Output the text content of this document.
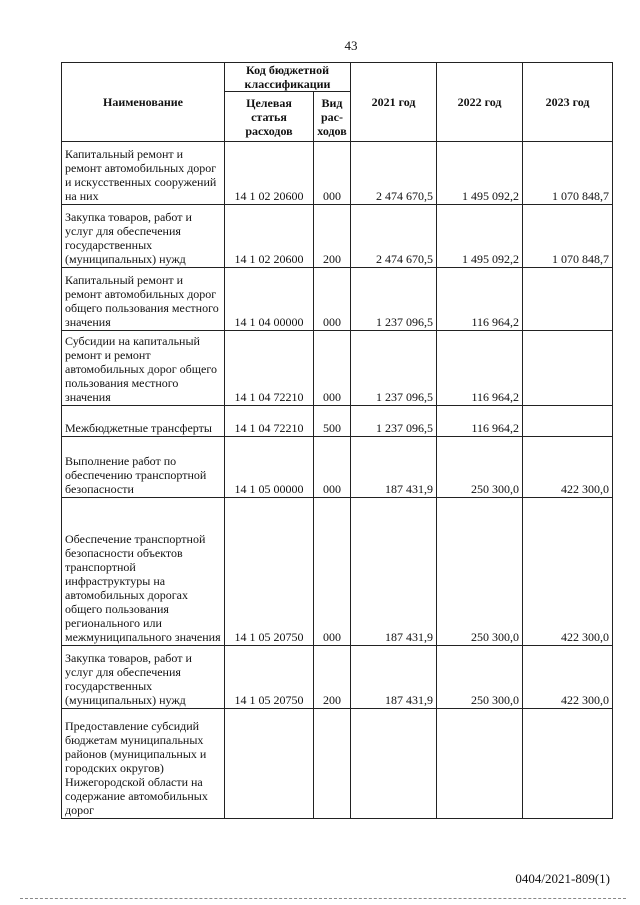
43
Наименование	Код бюджетной классификации		2021 год	2022 год	2023 год
	Целевая статья расходов	Вид рас-ходов			
Капитальный ремонт и ремонт автомобильных дорог и искусственных сооружений на них	14 1 02 20600	000	2 474 670,5	1 495 092,2	1 070 848,7
Закупка товаров, работ и услуг для обеспечения государственных (муниципальных) нужд	14 1 02 20600	200	2 474 670,5	1 495 092,2	1 070 848,7
Капитальный ремонт и ремонт автомобильных дорог общего пользования местного значения	14 1 04 00000	000	1 237 096,5	116 964,2	
Субсидии на капитальный ремонт и ремонт автомобильных дорог общего пользования местного значения	14 1 04 72210	000	1 237 096,5	116 964,2	
Межбюджетные трансферты	14 1 04 72210	500	1 237 096,5	116 964,2	
Выполнение работ по обеспечению транспортной безопасности	14 1 05 00000	000	187 431,9	250 300,0	422 300,0
Обеспечение транспортной безопасности объектов транспортной инфраструктуры на автомобильных дорогах общего пользования регионального или межмуниципального значения	14 1 05 20750	000	187 431,9	250 300,0	422 300,0
Закупка товаров, работ и услуг для обеспечения государственных (муниципальных) нужд	14 1 05 20750	200	187 431,9	250 300,0	422 300,0
Предоставление субсидий бюджетам муниципальных районов (муниципальных и городских округов) Нижегородской области на содержание автомобильных дорог					
0404/2021-809(1)
